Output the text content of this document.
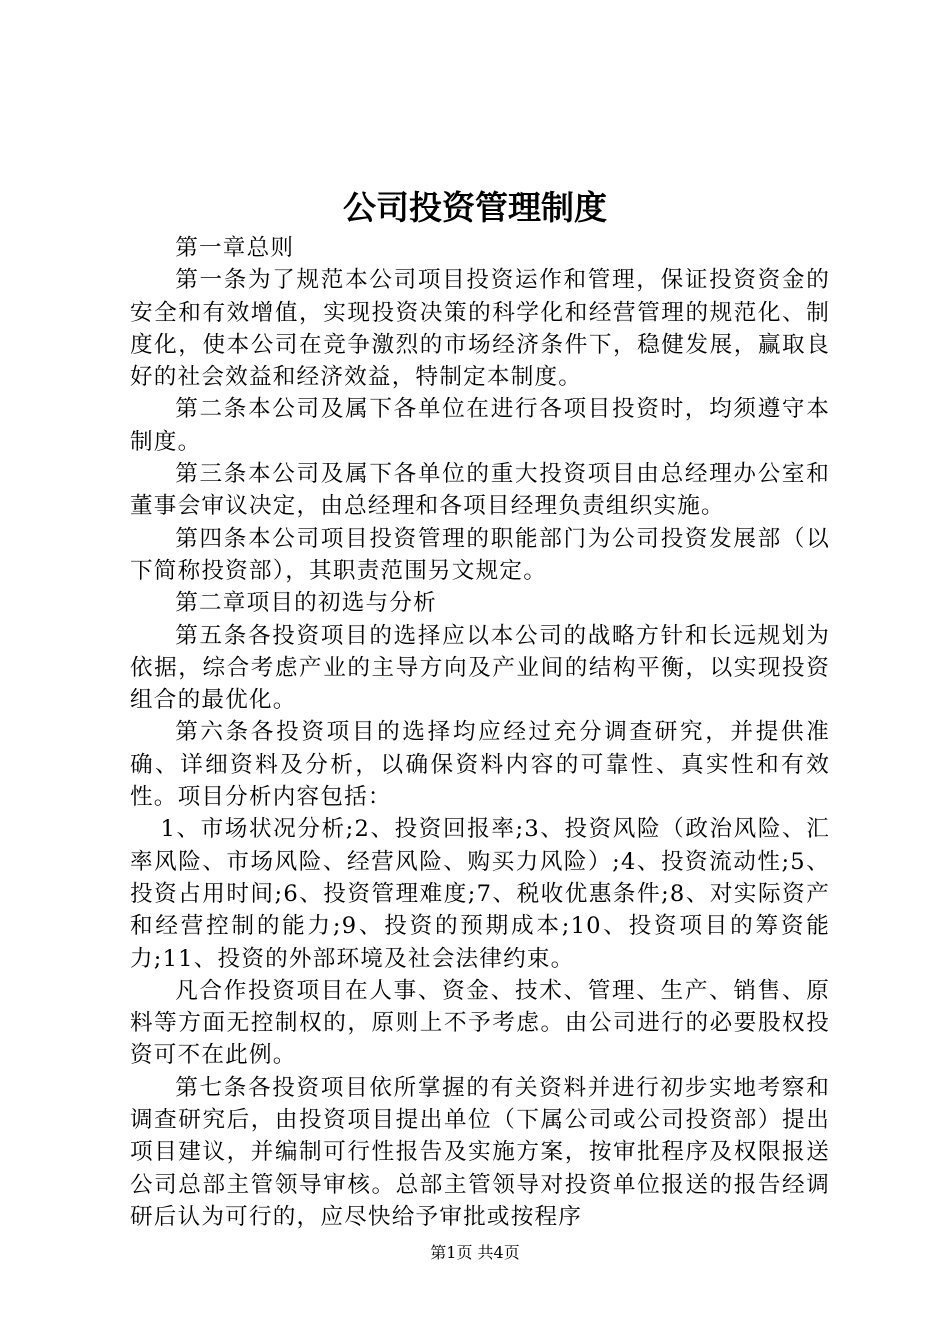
公司投资管理制度

第一章总则

第一条为了规范本公司项目投资运作和管理，保证投资资金的安全和有效增值，实现投资决策的科学化和经营管理的规范化、制度化，使本公司在竞争激烈的市场经济条件下，稳健发展，赢取良好的社会效益和经济效益，特制定本制度。

第二条本公司及属下各单位在进行各项目投资时，均须遵守本制度。

第三条本公司及属下各单位的重大投资项目由总经理办公室和董事会审议决定，由总经理和各项目经理负责组织实施。

第四条本公司项目投资管理的职能部门为公司投资发展部（以下简称投资部），其职责范围另文规定。

第二章项目的初选与分析

第五条各投资项目的选择应以本公司的战略方针和长远规划为依据，综合考虑产业的主导方向及产业间的结构平衡，以实现投资组合的最优化。

第六条各投资项目的选择均应经过充分调查研究，并提供准确、详细资料及分析，以确保资料内容的可靠性、真实性和有效性。项目分析内容包括：

1、市场状况分析;2、投资回报率;3、投资风险（政治风险、汇率风险、市场风险、经营风险、购买力风险）;4、投资流动性;5、投资占用时间;6、投资管理难度;7、税收优惠条件;8、对实际资产和经营控制的能力;9、投资的预期成本;10、投资项目的筹资能力;11、投资的外部环境及社会法律约束。

凡合作投资项目在人事、资金、技术、管理、生产、销售、原料等方面无控制权的，原则上不予考虑。由公司进行的必要股权投资可不在此例。

第七条各投资项目依所掌握的有关资料并进行初步实地考察和调查研究后，由投资项目提出单位（下属公司或公司投资部）提出项目建议，并编制可行性报告及实施方案，按审批程序及权限报送公司总部主管领导审核。总部主管领导对投资单位报送的报告经调研后认为可行的，应尽快给予审批或按程序

第1页 共4页
